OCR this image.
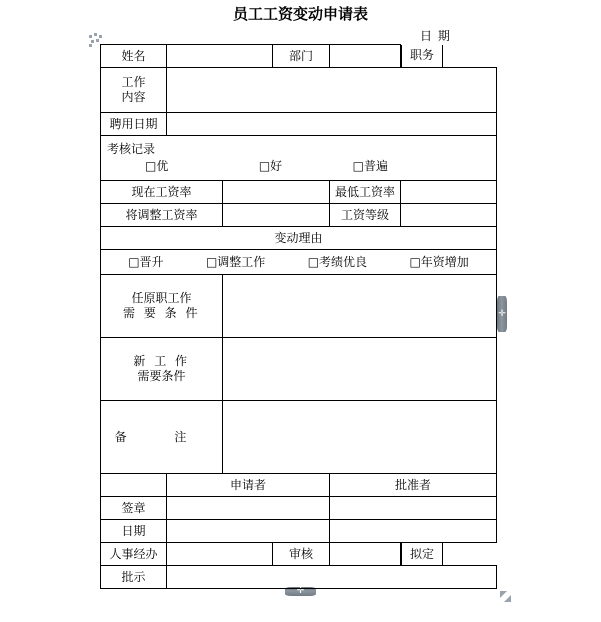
员工工资变动申请表
日 期
✛
✛
姓名		部门			职务	

工作
内容

聘用日期	

考核记录
□优	□好	□普遍

现在工资率		最低工资率	
将调整工资率		工资等级	
变动理由

□晋升	□调整工作	□考绩优良	□年资增加

任原职工作
需 要 条 件

新 工 作
需要条件

备 注	
	申请者	批准者
签章		
日期		
人事经办		审核			拟定	

批示	
